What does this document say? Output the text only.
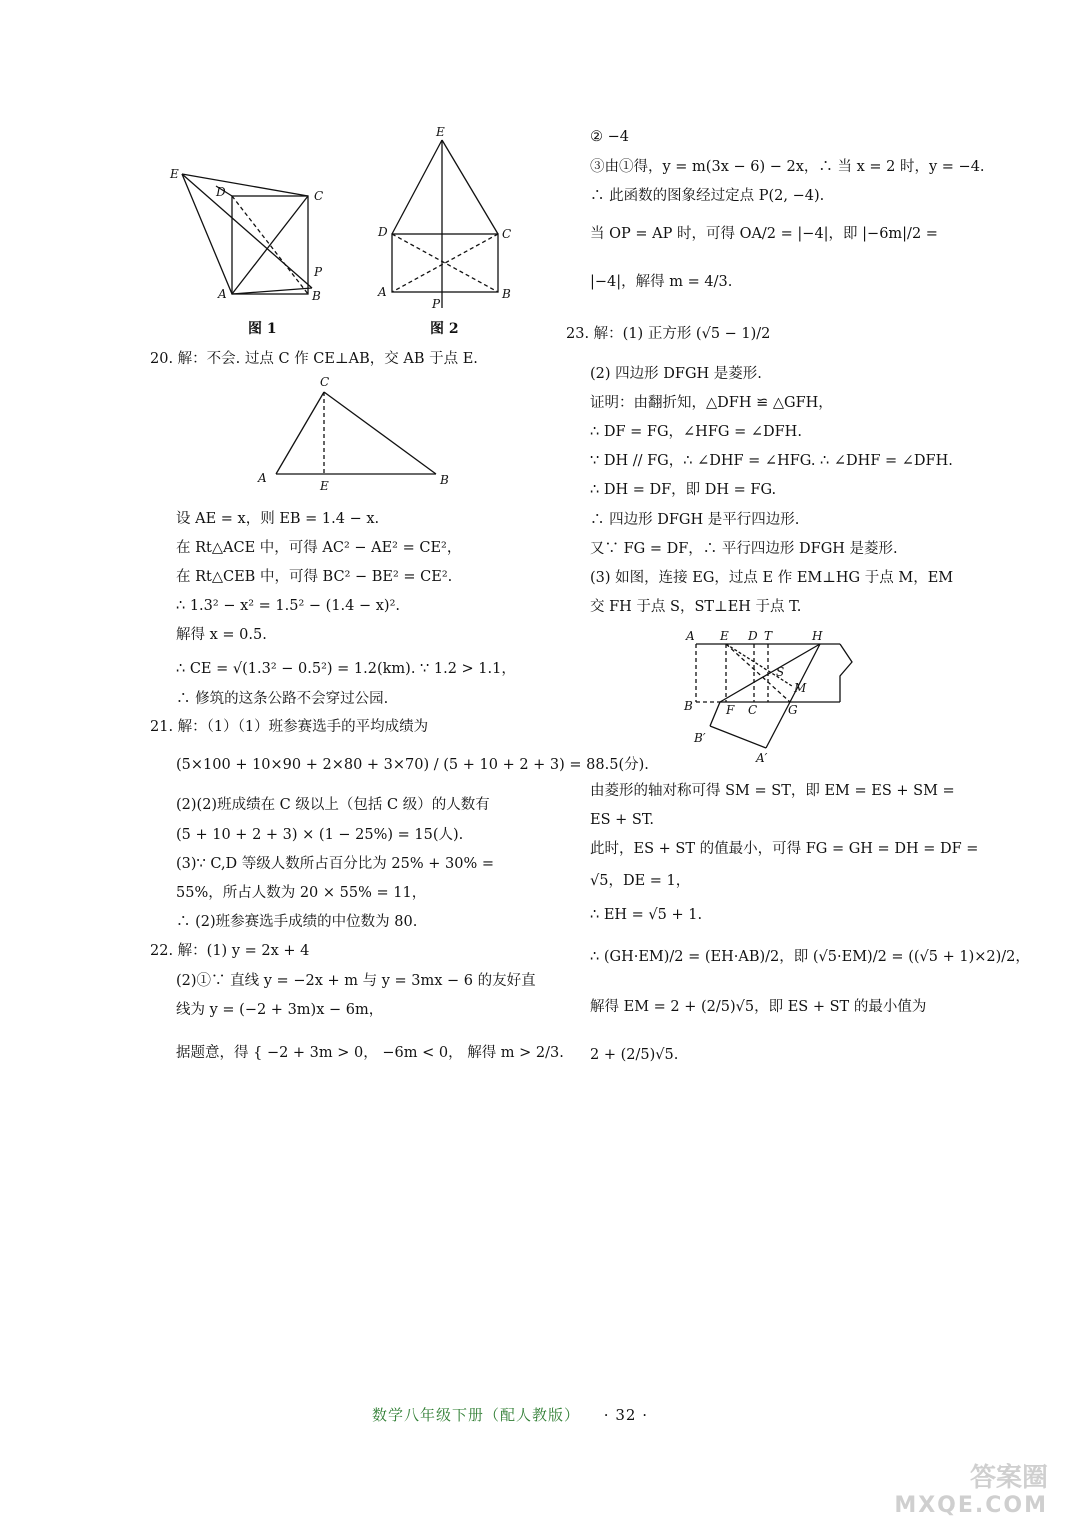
E
D	C
P
A	B
图 1
E
D	C
A	B
P
图 2
20. 解：不会. 过点 C 作 CE⊥AB，交 AB 于点 E.
C
A
E	B
设 AE = x，则 EB = 1.4 − x.
在 Rt△ACE 中，可得 AC² − AE² = CE²，
在 Rt△CEB 中，可得 BC² − BE² = CE².
∴ 1.3² − x² = 1.5² − (1.4 − x)².
解得 x = 0.5.
∴ CE = √(1.3² − 0.5²) = 1.2(km). ∵ 1.2 > 1.1，
∴ 修筑的这条公路不会穿过公园.
21. 解：（1）（1）班参赛选手的平均成绩为
(5×100 + 10×90 + 2×80 + 3×70) / (5 + 10 + 2 + 3) = 88.5(分).
(2)(2)班成绩在 C 级以上（包括 C 级）的人数有
(5 + 10 + 2 + 3) × (1 − 25%) = 15(人).
(3)∵ C,D 等级人数所占百分比为 25% + 30% =
55%，所占人数为 20 × 55% = 11，
∴ (2)班参赛选手成绩的中位数为 80.
22. 解：(1) y = 2x + 4
(2)①∵ 直线 y = −2x + m 与 y = 3mx − 6 的友好直
线为 y = (−2 + 3m)x − 6m，
据题意，得 { −2 + 3m > 0， −6m < 0， 解得 m > 2/3.
② −4
③由①得，y = m(3x − 6) − 2x，∴ 当 x = 2 时，y = −4.
∴ 此函数的图象经过定点 P(2, −4).
当 OP = AP 时，可得 OA/2 = |−4|，即 |−6m|/2 =
|−4|，解得 m = 4/3.
23. 解：(1) 正方形 (√5 − 1)/2
(2) 四边形 DFGH 是菱形.
证明：由翻折知，△DFH ≌ △GFH，
∴ DF = FG，∠HFG = ∠DFH.
∵ DH // FG，∴ ∠DHF = ∠HFG. ∴ ∠DHF = ∠DFH.
∴ DH = DF，即 DH = FG.
∴ 四边形 DFGH 是平行四边形.
又∵ FG = DF，∴ 平行四边形 DFGH 是菱形.
(3) 如图，连接 EG，过点 E 作 EM⊥HG 于点 M，EM
交 FH 于点 S，ST⊥EH 于点 T.
A E D T	H
S
M
B	F C	G
B′
A′
由菱形的轴对称可得 SM = ST，即 EM = ES + SM =
ES + ST.
此时，ES + ST 的值最小，可得 FG = GH = DH = DF =
√5，DE = 1，
∴ EH = √5 + 1.
∴ (GH·EM)/2 = (EH·AB)/2，即 (√5·EM)/2 = ((√5 + 1)×2)/2，
解得 EM = 2 + (2/5)√5，即 ES + ST 的最小值为
2 + (2/5)√5.
数学八年级下册（配人教版） · 32 ·
答案圈
MXQE.COM
